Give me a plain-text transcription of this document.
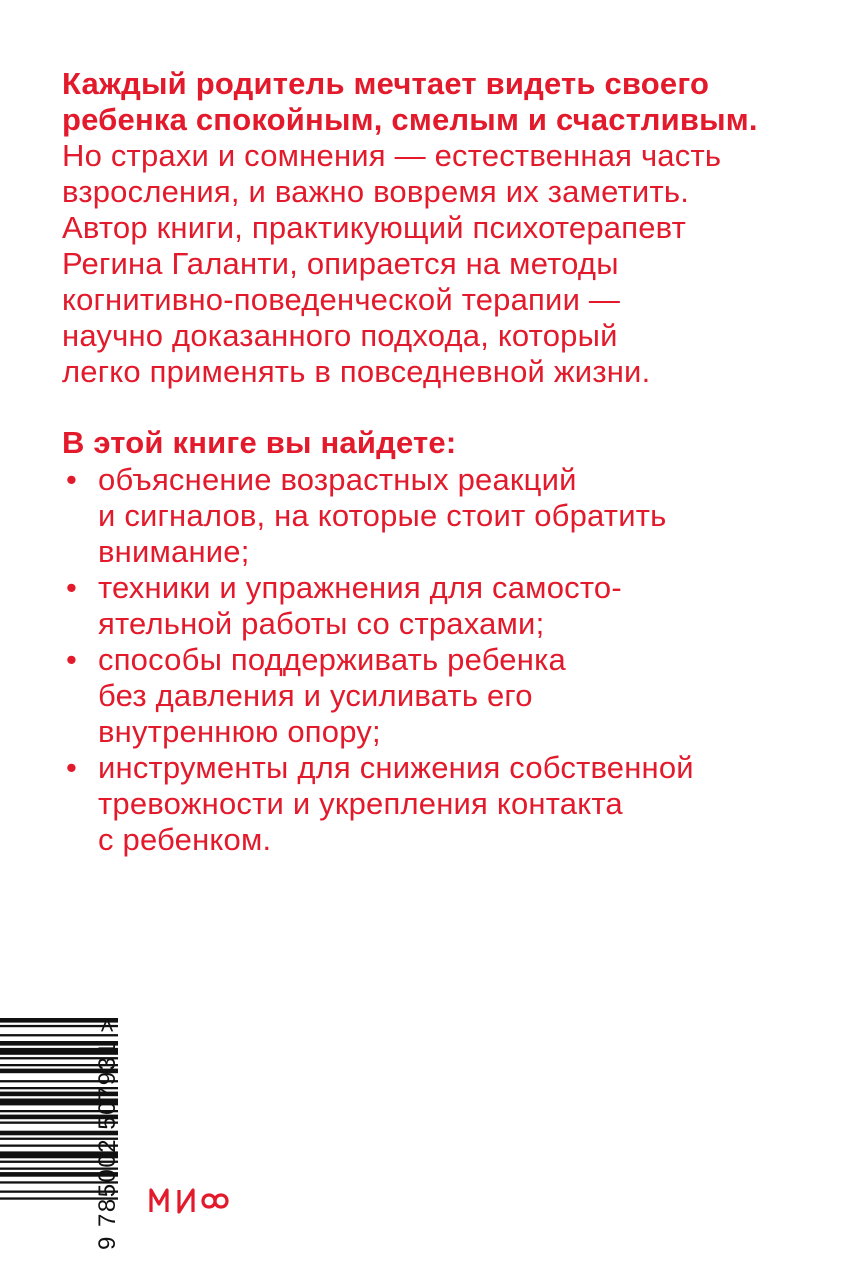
Каждый родитель мечтает видеть своего
ребенка спокойным, смелым и счастливым.
Но страхи и сомнения — естественная часть
взросления, и важно вовремя их заметить.
Автор книги, практикующий психотерапевт
Регина Галанти, опирается на методы
когнитивно-поведенческой терапии —
научно доказанного подхода, который
легко применять в повседневной жизни.
В этой книге вы найдете:
• объяснение возрастных реакций
и сигналов, на которые стоит обратить
внимание;
• техники и упражнения для самосто-
ятельной работы со страхами;
• способы поддерживать ребенка
без давления и усиливать его
внутреннюю опору;
• инструменты для снижения собственной
тревожности и укрепления контакта
с ребенком.
9 785002 507931 >
